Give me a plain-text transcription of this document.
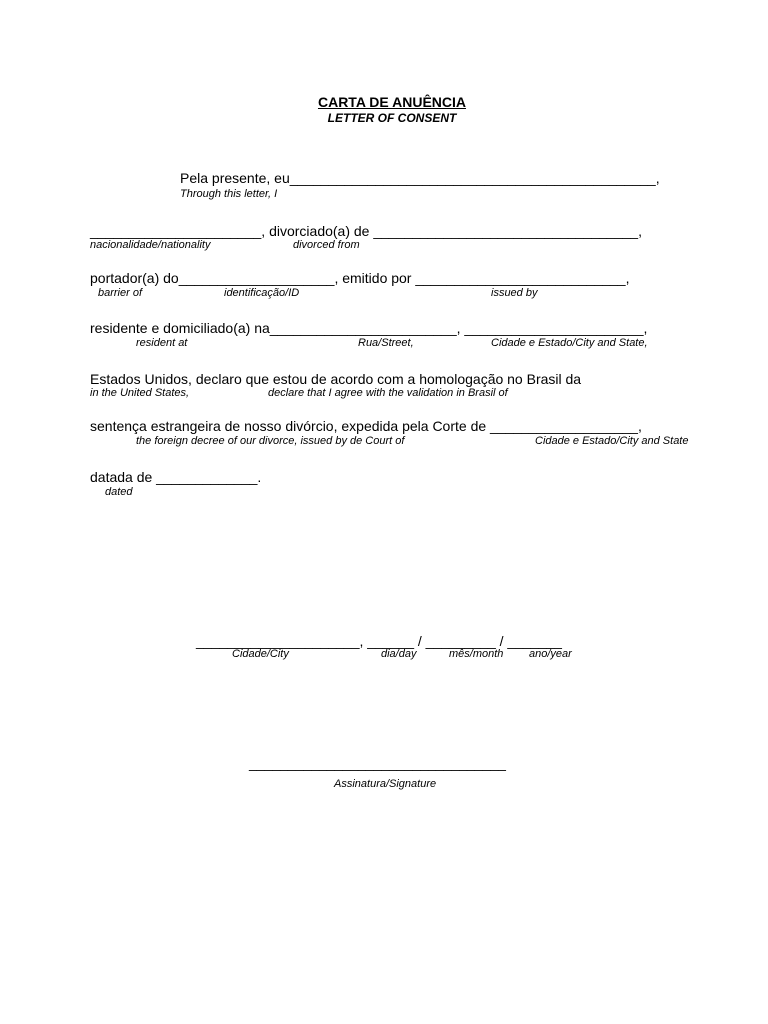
CARTA DE ANUÊNCIA
LETTER OF CONSENT
Pela presente, eu_______________________________________________,
Through this letter, I
______________________, divorciado(a) de __________________________________,
nacionalidade/nationality	divorced from
portador(a) do____________________, emitido por ___________________________,
barrier of	identificação/ID	issued by
residente e domiciliado(a) na________________________, _______________________,
resident at	Rua/Street,	Cidade e Estado/City and State,
Estados Unidos, declaro que estou de acordo com a homologação no Brasil da
in the United States,	declare that I agree with the validation in Brasil of
sentença estrangeira de nosso divórcio, expedida pela Corte de ___________________,
the foreign decree of our divorce, issued by de Court of	Cidade e Estado/City and State
datada de _____________.
dated
_____________________, ______ / _________ / _______
Cidade/City	dia/day	mês/month ano/year
_________________________________
Assinatura/Signature
